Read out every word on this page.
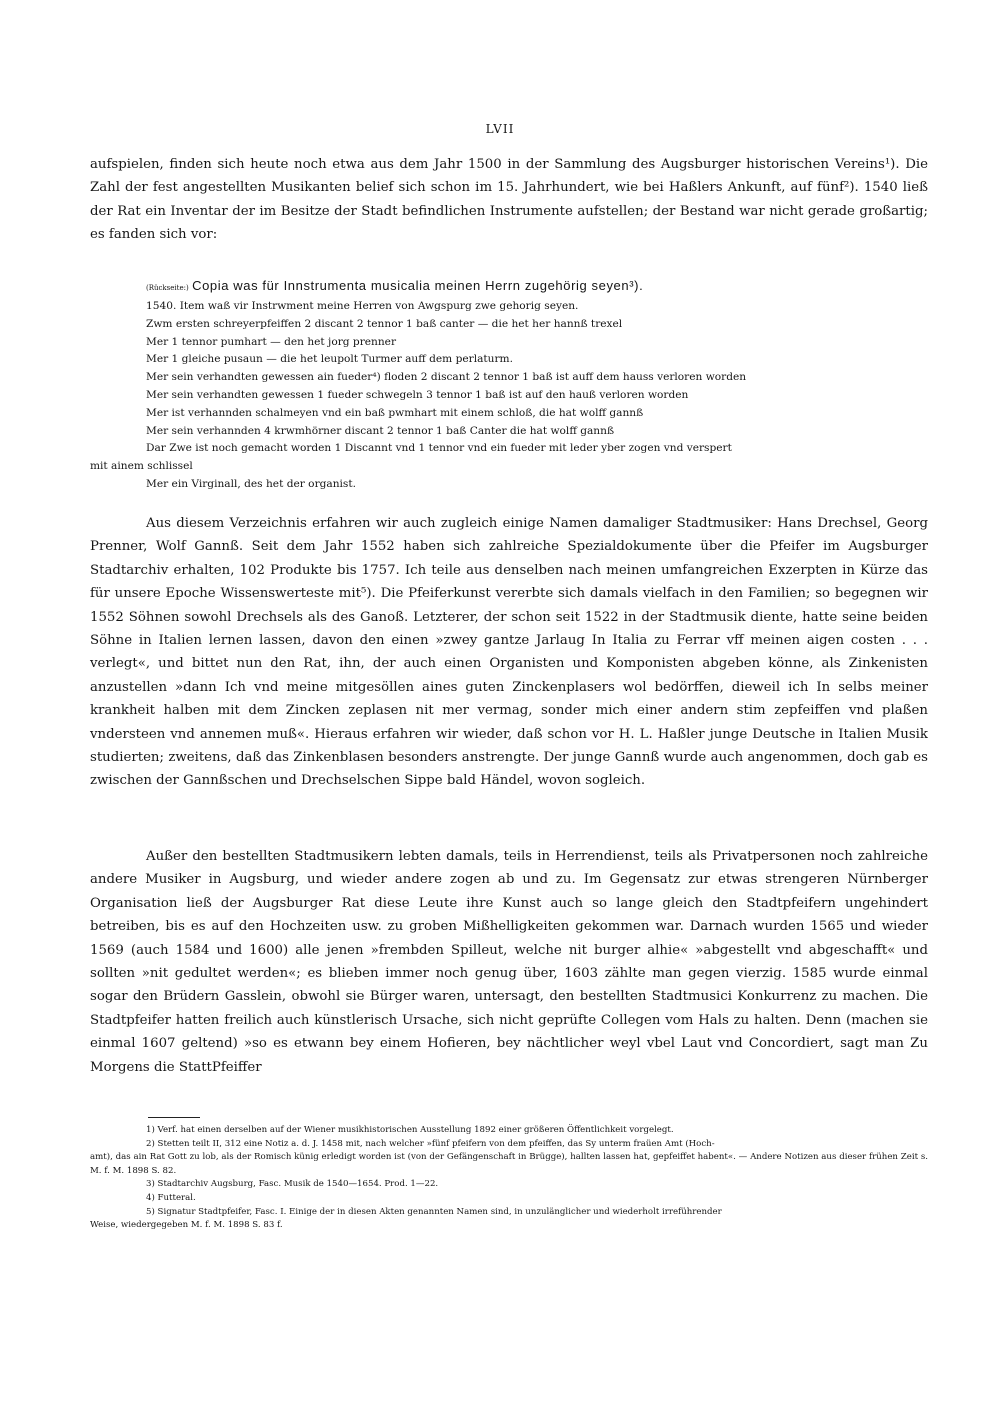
LVII
aufspielen, finden sich heute noch etwa aus dem Jahr 1500 in der Sammlung des Augsburger historischen Vereins¹). Die Zahl der fest angestellten Musikanten belief sich schon im 15. Jahrhundert, wie bei Haßlers Ankunft, auf fünf²). 1540 ließ der Rat ein Inventar der im Besitze der Stadt befindlichen Instrumente aufstellen; der Bestand war nicht gerade großartig; es fanden sich vor:
(Rückseite:) Copia was für Innstrumenta musicalia meinen Herrn zugehörig seyen³).
1540. Item waß vir Instrwment meine Herren von Awgspurg zwe gehorig seyen.
Zwm ersten schreyerpfeiffen 2 discant 2 tennor 1 baß canter — die het her hannß trexel
Mer 1 tennor pumhart — den het jorg prenner
Mer 1 gleiche pusaun — die het leupolt Turmer auff dem perlaturm.
Mer sein verhandten gewessen ain fueder⁴) floden 2 discant 2 tennor 1 baß ist auff dem hauss verloren worden
Mer sein verhandten gewessen 1 fueder schwegeln 3 tennor 1 baß ist auf den hauß verloren worden
Mer ist verhannden schalmeyen vnd ein baß pwmhart mit einem schloß, die hat wolff gannß
Mer sein verhannden 4 krwmhörner discant 2 tennor 1 baß Canter die hat wolff gannß
Dar Zwe ist noch gemacht worden 1 Discannt vnd 1 tennor vnd ein fueder mit leder yber zogen vnd verspert
mit ainem schlissel
Mer ein Virginall, des het der organist.
Aus diesem Verzeichnis erfahren wir auch zugleich einige Namen damaliger Stadtmusiker: Hans Drechsel, Georg Prenner, Wolf Gannß. Seit dem Jahr 1552 haben sich zahlreiche Spezialdokumente über die Pfeifer im Augsburger Stadtarchiv erhalten, 102 Produkte bis 1757. Ich teile aus denselben nach meinen umfangreichen Exzerpten in Kürze das für unsere Epoche Wissenswerteste mit⁵). Die Pfeiferkunst vererbte sich damals vielfach in den Familien; so begegnen wir 1552 Söhnen sowohl Drechsels als des Ganoß. Letzterer, der schon seit 1522 in der Stadtmusik diente, hatte seine beiden Söhne in Italien lernen lassen, davon den einen »zwey gantze Jarlaug In Italia zu Ferrar vff meinen aigen costen . . . verlegt«, und bittet nun den Rat, ihn, der auch einen Organisten und Komponisten abgeben könne, als Zinkenisten anzustellen »dann Ich vnd meine mitgesöllen aines guten Zinckenplasers wol bedörffen, dieweil ich In selbs meiner krankheit halben mit dem Zincken zeplasen nit mer vermag, sonder mich einer andern stim zepfeiffen vnd plaßen vndersteen vnd annemen muß«. Hieraus erfahren wir wieder, daß schon vor H. L. Haßler junge Deutsche in Italien Musik studierten; zweitens, daß das Zinkenblasen besonders anstrengte. Der junge Gannß wurde auch angenommen, doch gab es zwischen der Gannßschen und Drechselschen Sippe bald Händel, wovon sogleich.
Außer den bestellten Stadtmusikern lebten damals, teils in Herrendienst, teils als Privatpersonen noch zahlreiche andere Musiker in Augsburg, und wieder andere zogen ab und zu. Im Gegensatz zur etwas strengeren Nürnberger Organisation ließ der Augsburger Rat diese Leute ihre Kunst auch so lange gleich den Stadtpfeifern ungehindert betreiben, bis es auf den Hochzeiten usw. zu groben Mißhelligkeiten gekommen war. Darnach wurden 1565 und wieder 1569 (auch 1584 und 1600) alle jenen »frembden Spilleut, welche nit burger alhie« »abgestellt vnd abgeschafft« und sollten »nit gedultet werden«; es blieben immer noch genug über, 1603 zählte man gegen vierzig. 1585 wurde einmal sogar den Brüdern Gasslein, obwohl sie Bürger waren, untersagt, den bestellten Stadtmusici Konkurrenz zu machen. Die Stadtpfeifer hatten freilich auch künstlerisch Ursache, sich nicht geprüfte Collegen vom Hals zu halten. Denn (machen sie einmal 1607 geltend) »so es etwann bey einem Hofieren, bey nächtlicher weyl vbel Laut vnd Concordiert, sagt man Zu Morgens die StattPfeiffer
1) Verf. hat einen derselben auf der Wiener musikhistorischen Ausstellung 1892 einer größeren Öffentlichkeit vorgelegt.
2) Stetten teilt II, 312 eine Notiz a. d. J. 1458 mit, nach welcher »fünf pfeifern von dem pfeiffen, das Sy unterm fraüen Amt (Hoch-
amt), das ain Rat Gott zu lob, als der Romisch künig erledigt worden ist (von der Gefängenschaft in Brügge), hallten lassen hat, gepfeiffet habent«. — Andere Notizen aus dieser frühen Zeit s. M. f. M. 1898 S. 82.
3) Stadtarchiv Augsburg, Fasc. Musik de 1540—1654. Prod. 1—22.
4) Futteral.
5) Signatur Stadtpfeifer, Fasc. I. Einige der in diesen Akten genannten Namen sind, in unzulänglicher und wiederholt irreführender
Weise, wiedergegeben M. f. M. 1898 S. 83 f.
